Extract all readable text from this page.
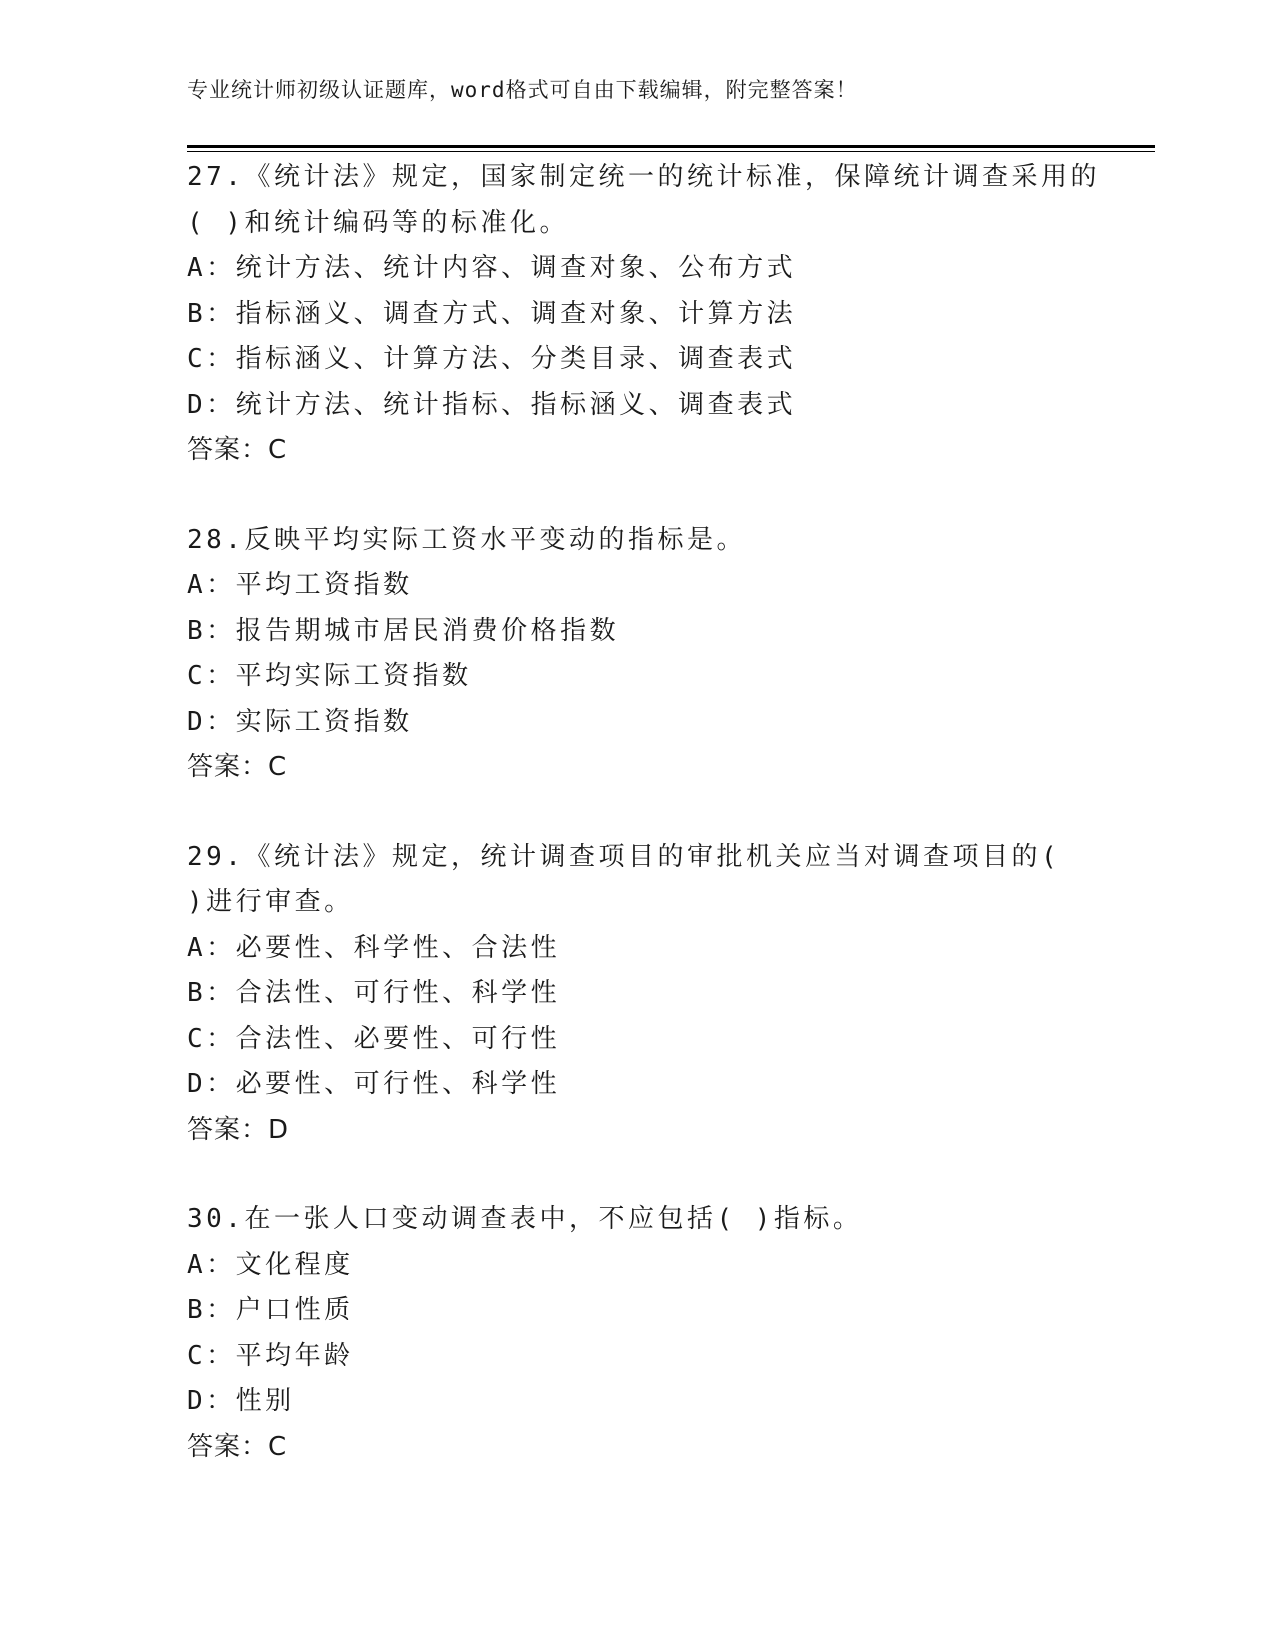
专业统计师初级认证题库，word格式可自由下载编辑，附完整答案！
27.《统计法》规定，国家制定统一的统计标准，保障统计调查采用的
( )和统计编码等的标准化。
A：统计方法、统计内容、调查对象、公布方式
B：指标涵义、调查方式、调查对象、计算方法
C：指标涵义、计算方法、分类目录、调查表式
D：统计方法、统计指标、指标涵义、调查表式
答案：C
28.反映平均实际工资水平变动的指标是。
A：平均工资指数
B：报告期城市居民消费价格指数
C：平均实际工资指数
D：实际工资指数
答案：C
29.《统计法》规定，统计调查项目的审批机关应当对调查项目的(
)进行审查。
A：必要性、科学性、合法性
B：合法性、可行性、科学性
C：合法性、必要性、可行性
D：必要性、可行性、科学性
答案：D
30.在一张人口变动调查表中，不应包括( )指标。
A：文化程度
B：户口性质
C：平均年龄
D：性别
答案：C
